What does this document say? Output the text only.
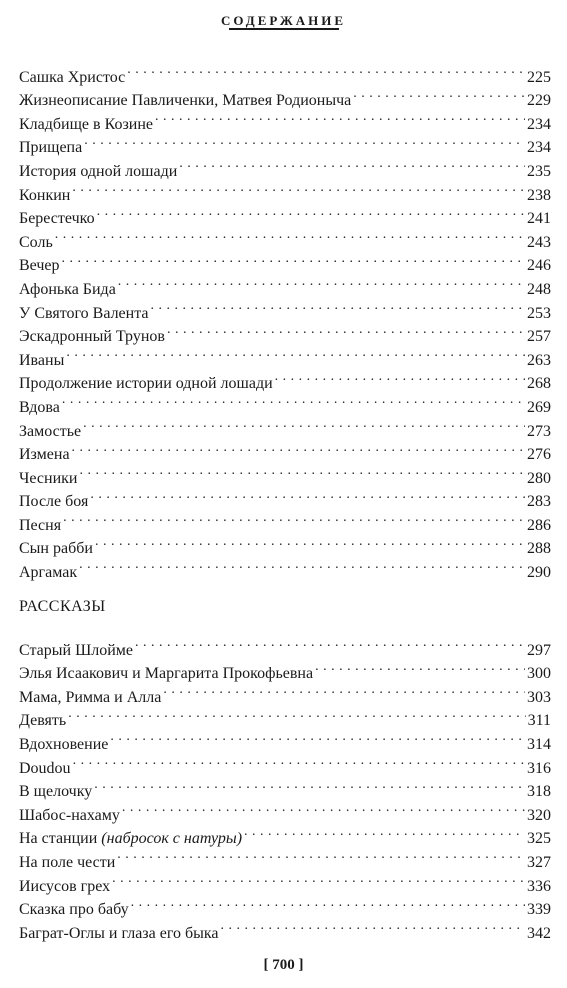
СОДЕРЖАНИЕ
Сашка Христос . . .	225
Жизнеописание Павличенки, Матвея Родионыча . . .	229
Кладбище в Козине . . .	234
Прищепа . . .	234
История одной лошади . . .	235
Конкин . . .	238
Берестечко . . .	241
Соль . . .	243
Вечер . . .	246
Афонька Бида . . .	248
У Святого Валента . . .	253
Эскадронный Трунов . . .	257
Иваны . . .	263
Продолжение истории одной лошади . . .	268
Вдова . . .	269
Замостье . . .	273
Измена . . .	276
Чесники . . .	280
После боя . . .	283
Песня . . .	286
Сын рабби . . .	288
Аргамак . . .	290
РАССКАЗЫ
Старый Шлойме . . .	297
Элья Исаакович и Маргарита Прокофьевна . . .	300
Мама, Римма и Алла . . .	303
Девять . . .	311
Вдохновение . . .	314
Doudou . . .	316
В щелочку . . .	318
Шабос-нахаму . . .	320
На станции (набросок с натуры) . . .	325
На поле чести . . .	327
Иисусов грех . . .	336
Сказка про бабу . . .	339
Баграт-Оглы и глаза его быка . . .	342
[ 700 ]
